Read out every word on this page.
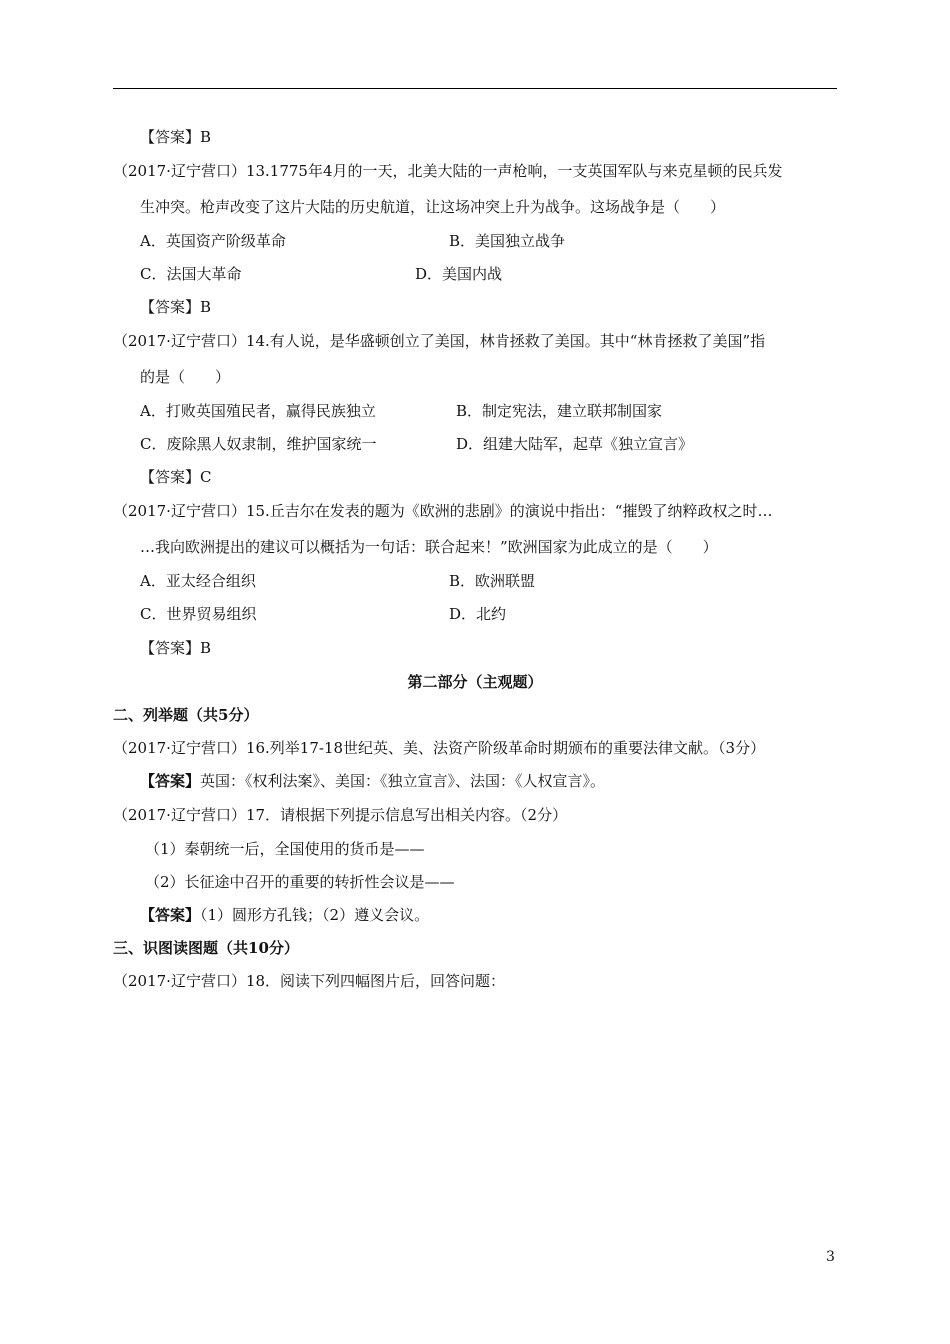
【答案】B
（2017·辽宁营口）13.1775年4月的一天，北美大陆的一声枪响，一支英国军队与来克星顿的民兵发
生冲突。枪声改变了这片大陆的历史航道，让这场冲突上升为战争。这场战争是（　　）
A．英国资产阶级革命	B．美国独立战争
C．法国大革命	D．美国内战
【答案】B
（2017·辽宁营口）14.有人说，是华盛顿创立了美国，林肯拯救了美国。其中“林肯拯救了美国”指
的是（　　）
A．打败英国殖民者，赢得民族独立	B．制定宪法，建立联邦制国家
C．废除黑人奴隶制，维护国家统一	D．组建大陆军，起草《独立宣言》
【答案】C
（2017·辽宁营口）15.丘吉尔在发表的题为《欧洲的悲剧》的演说中指出：“摧毁了纳粹政权之时…
…我向欧洲提出的建议可以概括为一句话：联合起来！”欧洲国家为此成立的是（　　）
A．亚太经合组织	B．欧洲联盟
C．世界贸易组织	D．北约
【答案】B
第二部分（主观题）
二、列举题（共5分）
（2017·辽宁营口）16.列举17-18世纪英、美、法资产阶级革命时期颁布的重要法律文献。（3分）
【答案】英国：《权利法案》、美国：《独立宣言》、法国：《人权宣言》。
（2017·辽宁营口）17．请根据下列提示信息写出相关内容。（2分）
（1）秦朝统一后，全国使用的货币是——
（2）长征途中召开的重要的转折性会议是——
【答案】（1）圆形方孔钱；（2）遵义会议。
三、识图读图题（共10分）
（2017·辽宁营口）18．阅读下列四幅图片后，回答问题：
3
